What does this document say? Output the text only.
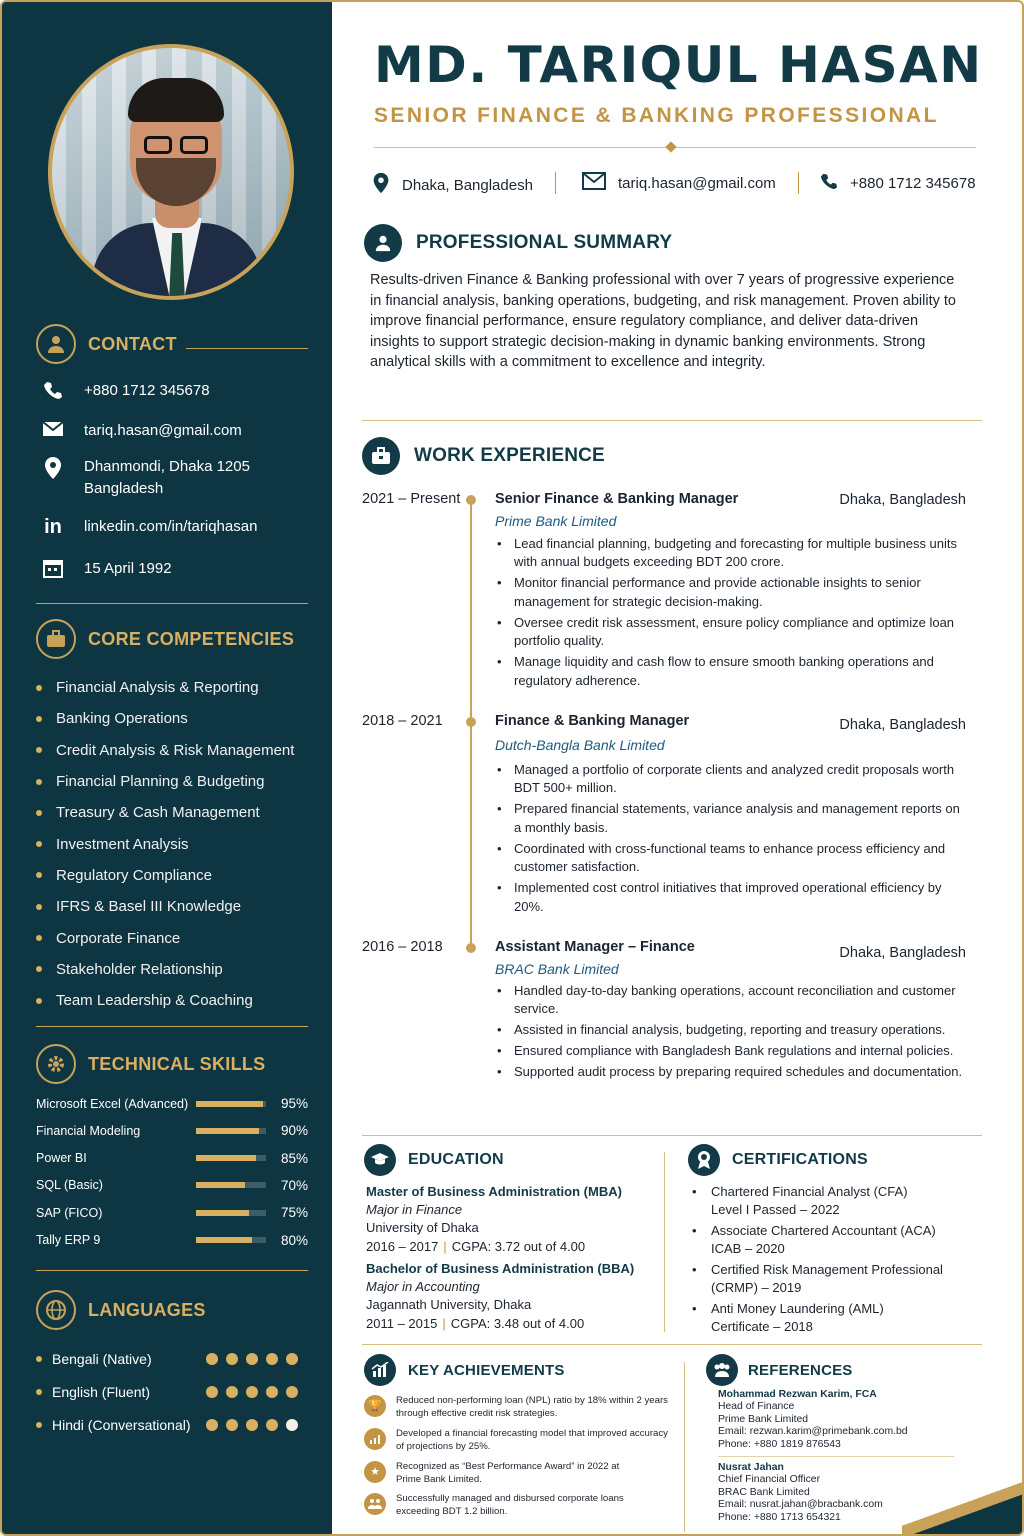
CONTACT
+880 1712 345678
tariq.hasan@gmail.com
Dhanmondi, Dhaka 1205
Bangladesh
in linkedin.com/in/tariqhasan
15 April 1992
CORE COMPETENCIES
Financial Analysis & Reporting
Banking Operations
Credit Analysis & Risk Management
Financial Planning & Budgeting
Treasury & Cash Management
Investment Analysis
Regulatory Compliance
IFRS & Basel III Knowledge
Corporate Finance
Stakeholder Relationship
Team Leadership & Coaching
TECHNICAL SKILLS
Microsoft Excel (Advanced)	95%
Financial Modeling	90%
Power BI	85%
SQL (Basic)	70%
SAP (FICO)	75%
Tally ERP 9	80%
LANGUAGES
Bengali (Native)
English (Fluent)
Hindi (Conversational)
MD. TARIQUL HASAN
SENIOR FINANCE & BANKING PROFESSIONAL
Dhaka, Bangladesh	tariq.hasan@gmail.com	+880 1712 345678
PROFESSIONAL SUMMARY
Results-driven Finance & Banking professional with over 7 years of progressive experience in financial analysis, banking operations, budgeting, and risk management. Proven ability to improve financial performance, ensure regulatory compliance, and deliver data-driven insights to support strategic decision-making in dynamic banking environments. Strong analytical skills with a commitment to excellence and integrity.
WORK EXPERIENCE
2021 – Present Senior Finance & Banking Manager	Dhaka, Bangladesh
Prime Bank Limited
• Lead financial planning, budgeting and forecasting for multiple business units with annual budgets exceeding BDT 200 crore.
• Monitor financial performance and provide actionable insights to senior management for strategic decision-making.
• Oversee credit risk assessment, ensure policy compliance and optimize loan portfolio quality.
• Manage liquidity and cash flow to ensure smooth banking operations and regulatory adherence.
2018 – 2021	Finance & Banking Manager	Dhaka, Bangladesh
Dutch-Bangla Bank Limited
• Managed a portfolio of corporate clients and analyzed credit proposals worth BDT 500+ million.
• Prepared financial statements, variance analysis and management reports on a monthly basis.
• Coordinated with cross-functional teams to enhance process efficiency and customer satisfaction.
• Implemented cost control initiatives that improved operational efficiency by 20%.
2016 – 2018	Assistant Manager – Finance	Dhaka, Bangladesh
BRAC Bank Limited
• Handled day-to-day banking operations, account reconciliation and customer service.
• Assisted in financial analysis, budgeting, reporting and treasury operations.
• Ensured compliance with Bangladesh Bank regulations and internal policies.
• Supported audit process by preparing required schedules and documentation.
EDUCATION
Master of Business Administration (MBA)
Major in Finance
University of Dhaka
2016 – 2017 | CGPA: 3.72 out of 4.00
Bachelor of Business Administration (BBA)
Major in Accounting
Jagannath University, Dhaka
2011 – 2015 | CGPA: 3.48 out of 4.00
CERTIFICATIONS
• Chartered Financial Analyst (CFA)
Level I Passed – 2022
• Associate Chartered Accountant (ACA)
ICAB – 2020
• Certified Risk Management Professional
(CRMP) – 2019
• Anti Money Laundering (AML)
Certificate – 2018
KEY ACHIEVEMENTS
🏆	Reduced non-performing loan (NPL) ratio by 18% within 2 years
through effective credit risk strategies.
Developed a financial forecasting model that improved accuracy
of projections by 25%.
★	Recognized as “Best Performance Award” in 2022 at
Prime Bank Limited.
Successfully managed and disbursed corporate loans
exceeding BDT 1.2 billion.
REFERENCES
Mohammad Rezwan Karim, FCA
Head of Finance
Prime Bank Limited
Email: rezwan.karim@primebank.com.bd
Phone: +880 1819 876543
Nusrat Jahan
Chief Financial Officer
BRAC Bank Limited
Email: nusrat.jahan@bracbank.com
Phone: +880 1713 654321
